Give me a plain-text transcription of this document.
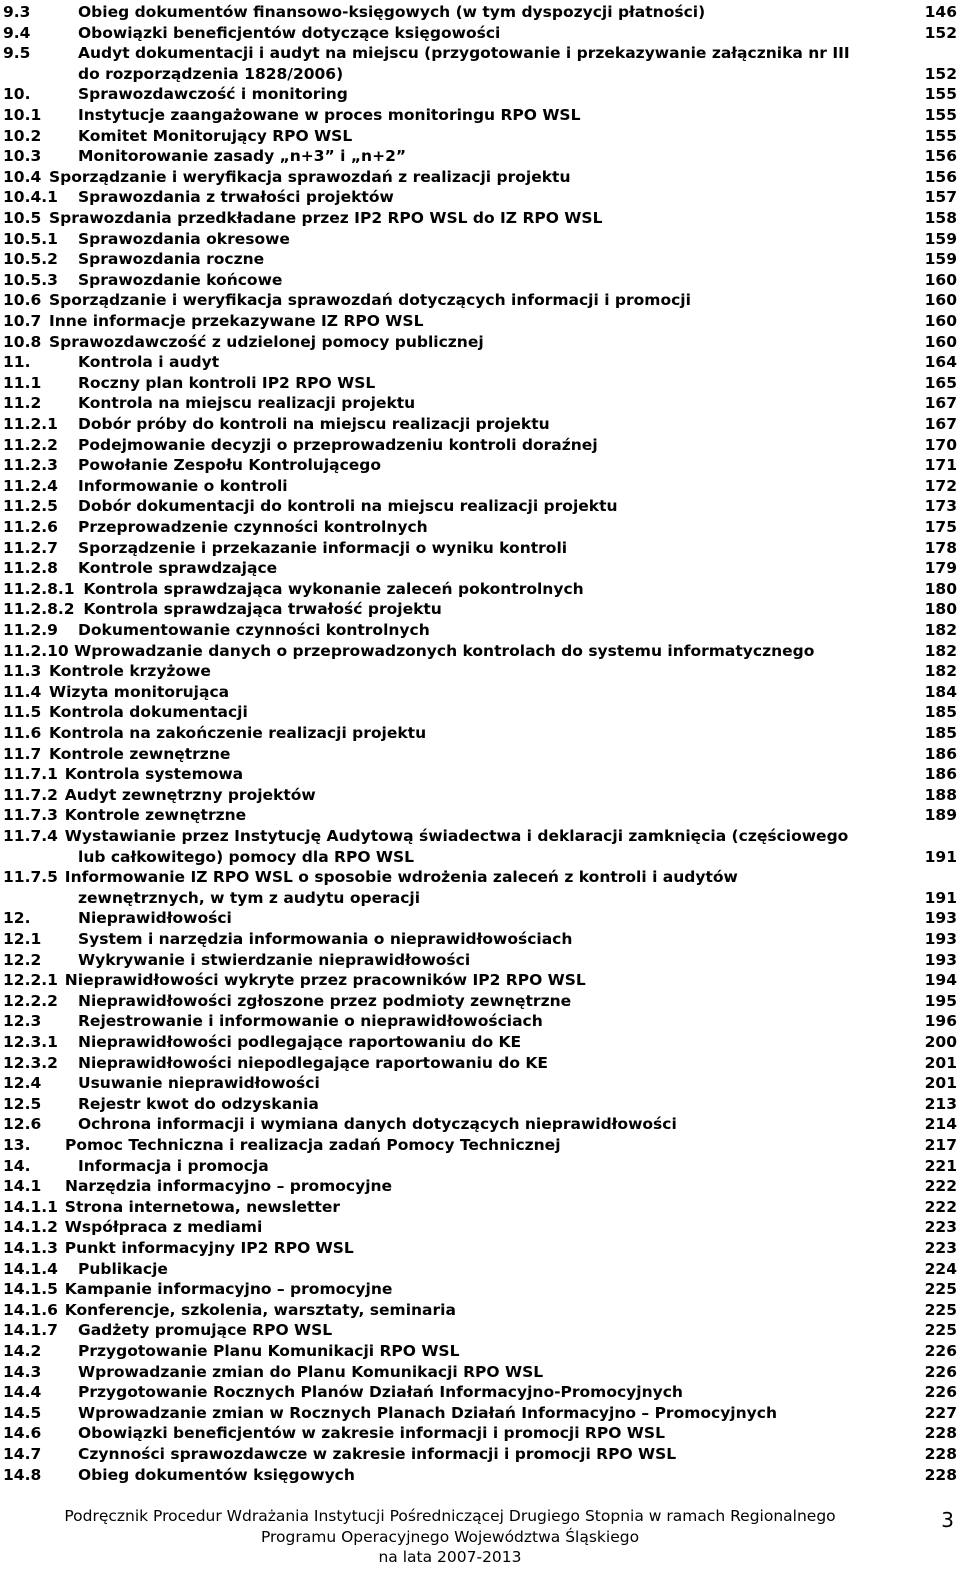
9.3	Obieg dokumentów finansowo-księgowych (w tym dyspozycji płatności)	146
9.4	Obowiązki beneficjentów dotyczące księgowości	152
9.5	Audyt dokumentacji i audyt na miejscu (przygotowanie i przekazywanie załącznika nr III
do rozporządzenia 1828/2006)	152
10.	Sprawozdawczość i monitoring	155
10.1 Instytucje zaangażowane w proces monitoringu RPO WSL	155
10.2 Komitet Monitorujący RPO WSL	155
10.3 Monitorowanie zasady „n+3” i „n+2”	156
10.4 Sporządzanie i weryfikacja sprawozdań z realizacji projektu	156
10.4.1 Sprawozdania z trwałości projektów	157
10.5 Sprawozdania przedkładane przez IP2 RPO WSL do IZ RPO WSL	158
10.5.1 Sprawozdania okresowe	159
10.5.2 Sprawozdania roczne	159
10.5.3 Sprawozdanie końcowe	160
10.6 Sporządzanie i weryfikacja sprawozdań dotyczących informacji i promocji	160
10.7 Inne informacje przekazywane IZ RPO WSL	160
10.8 Sprawozdawczość z udzielonej pomocy publicznej	160
11.	Kontrola i audyt	164
11.1 Roczny plan kontroli IP2 RPO WSL	165
11.2 Kontrola na miejscu realizacji projektu	167
11.2.1 Dobór próby do kontroli na miejscu realizacji projektu	167
11.2.2 Podejmowanie decyzji o przeprowadzeniu kontroli doraźnej	170
11.2.3 Powołanie Zespołu Kontrolującego	171
11.2.4 Informowanie o kontroli	172
11.2.5 Dobór dokumentacji do kontroli na miejscu realizacji projektu	173
11.2.6 Przeprowadzenie czynności kontrolnych	175
11.2.7 Sporządzenie i przekazanie informacji o wyniku kontroli	178
11.2.8 Kontrole sprawdzające	179
11.2.8.1 Kontrola sprawdzająca wykonanie zaleceń pokontrolnych	180
11.2.8.2 Kontrola sprawdzająca trwałość projektu	180
11.2.9 Dokumentowanie czynności kontrolnych	182
11.2.10 Wprowadzanie danych o przeprowadzonych kontrolach do systemu informatycznego	182
11.3 Kontrole krzyżowe	182
11.4 Wizyta monitorująca	184
11.5 Kontrola dokumentacji	185
11.6 Kontrola na zakończenie realizacji projektu	185
11.7 Kontrole zewnętrzne	186
11.7.1 Kontrola systemowa	186
11.7.2 Audyt zewnętrzny projektów	188
11.7.3 Kontrole zewnętrzne	189
11.7.4 Wystawianie przez Instytucję Audytową świadectwa i deklaracji zamknięcia (częściowego
lub całkowitego) pomocy dla RPO WSL	191
11.7.5 Informowanie IZ RPO WSL o sposobie wdrożenia zaleceń z kontroli i audytów
zewnętrznych, w tym z audytu operacji	191
12.	Nieprawidłowości	193
12.1 System i narzędzia informowania o nieprawidłowościach	193
12.2 Wykrywanie i stwierdzanie nieprawidłowości	193
12.2.1 Nieprawidłowości wykryte przez pracowników IP2 RPO WSL	194
12.2.2 Nieprawidłowości zgłoszone przez podmioty zewnętrzne	195
12.3 Rejestrowanie i informowanie o nieprawidłowościach	196
12.3.1 Nieprawidłowości podlegające raportowaniu do KE	200
12.3.2 Nieprawidłowości niepodlegające raportowaniu do KE	201
12.4 Usuwanie nieprawidłowości	201
12.5 Rejestr kwot do odzyskania	213
12.6 Ochrona informacji i wymiana danych dotyczących nieprawidłowości	214
13. Pomoc Techniczna i realizacja zadań Pomocy Technicznej	217
14.	Informacja i promocja	221
14.1 Narzędzia informacyjno – promocyjne	222
14.1.1 Strona internetowa, newsletter	222
14.1.2 Współpraca z mediami	223
14.1.3 Punkt informacyjny IP2 RPO WSL	223
14.1.4 Publikacje	224
14.1.5 Kampanie informacyjno – promocyjne	225
14.1.6 Konferencje, szkolenia, warsztaty, seminaria	225
14.1.7 Gadżety promujące RPO WSL	225
14.2 Przygotowanie Planu Komunikacji RPO WSL	226
14.3 Wprowadzanie zmian do Planu Komunikacji RPO WSL	226
14.4 Przygotowanie Rocznych Planów Działań Informacyjno-Promocyjnych	226
14.5 Wprowadzanie zmian w Rocznych Planach Działań Informacyjno – Promocyjnych	227
14.6 Obowiązki beneficjentów w zakresie informacji i promocji RPO WSL	228
14.7 Czynności sprawozdawcze w zakresie informacji i promocji RPO WSL	228
14.8 Obieg dokumentów księgowych	228
Podręcznik Procedur Wdrażania Instytucji Pośredniczącej Drugiego Stopnia w ramach Regionalnego
Programu Operacyjnego Województwa Śląskiego
na lata 2007-2013
3
